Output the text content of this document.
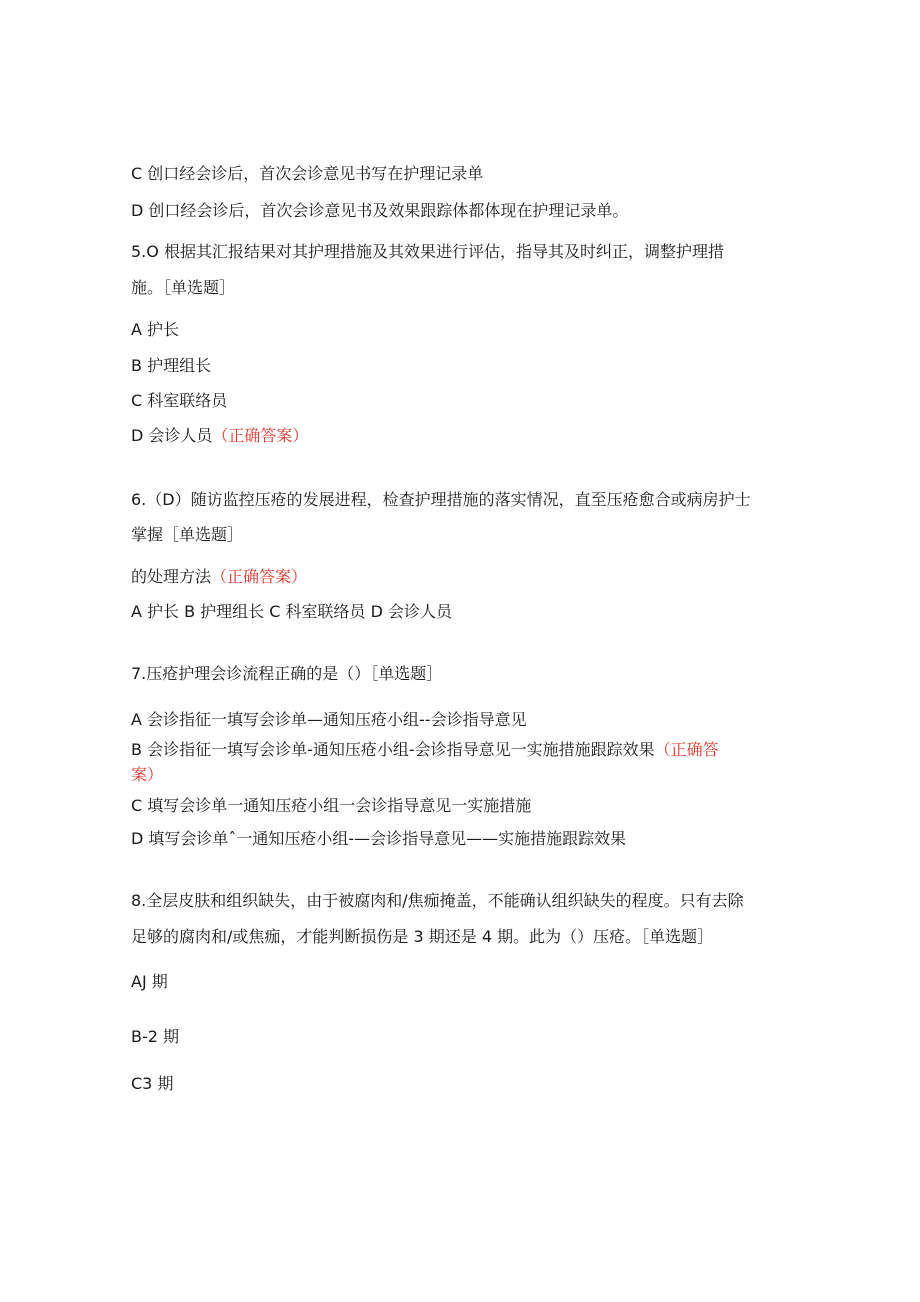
C 创口经会诊后，首次会诊意见书写在护理记录单
D 创口经会诊后，首次会诊意见书及效果跟踪体都体现在护理记录单。
5.O 根据其汇报结果对其护理措施及其效果进行评估，指导其及时纠正，调整护理措
施。［单选题］
A 护长
B 护理组长
C 科室联络员
D 会诊人员（正确答案）
6.（D）随访监控压疮的发展进程，检查护理措施的落实情况，直至压疮愈合或病房护士
掌握［单选题］
的处理方法（正确答案）
A 护长 B 护理组长 C 科室联络员 D 会诊人员
7.压疮护理会诊流程正确的是（）［单选题］
A 会诊指征一填写会诊单—通知压疮小组--会诊指导意见
B 会诊指征一填写会诊单-通知压疮小组-会诊指导意见一实施措施跟踪效果（正确答
案）
C 填写会诊单一通知压疮小组一会诊指导意见一实施措施
D 填写会诊单ˆ一通知压疮小组-—会诊指导意见——实施措施跟踪效果
8.全层皮肤和组织缺失，由于被腐肉和/焦痂掩盖，不能确认组织缺失的程度。只有去除
足够的腐肉和/或焦痂，才能判断损伤是 3 期还是 4 期。此为（）压疮。［单选题］
AJ 期
B-2 期
C3 期
